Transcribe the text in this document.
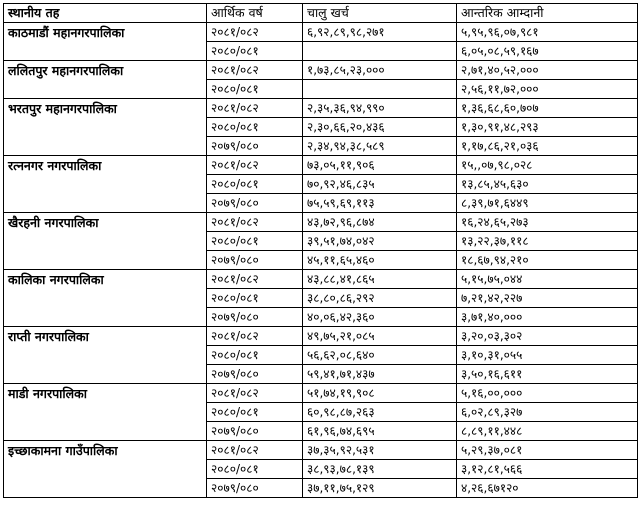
स्थानीय तह	आर्थिक वर्ष	चालु खर्च	आन्तरिक आम्दानी
काठमाडौं महानगरपालिका	२०८१/०८२	६,९२,८९,९८,२७१	५,९५,९६,०७,९८१
	२०८०/०८१		६,०५,०८,५९,१६७
ललितपुर महानगरपालिका	२०८१/०८२	१,७३,८५,२३,०००	२,७१,४०,५२,०००
	२०८०/०८१		२,५६,११,७२,०००
भरतपुर महानगरपालिका	२०८१/०८२	२,३५,३६,९४,९९०	१,३६,६८,६०,७०७
	२०८०/०८१	२,३०,६६,२०,४३६	१,३०,९१,४८,२९३
	२०७९/०८०	२,३४,९४,३८,५८९	१,१७,८६,२१,०३६
रत्ननगर नगरपालिका	२०८१/०८२	७३,०५,११,९०६	१५,,०७,९८,०२८
	२०८०/०८१	७०,९२,४६,८३५	१३,८५,४५,६३०
	२०७९/०८०	७५,५९,६९,११३	८,३९,७१,६४४९
खैरहनी नगरपालिका	२०८१/०८२	४३,७२,९६,८७४	१६,२४,६५,२७३
	२०८०/०८१	३९,५१,७४,०४२	१३,२२,३७,११८
	२०७९/०८०	४५,११,६५,४६०	१८,६७,९४,२१०
कालिका नगरपालिका	२०८१/०८२	४३,८८,४१,८६५	५,१५,७५,०४४
	२०८०/०८१	३८,८०,८६,२९२	७,२१,४२,२२७
	२०७९/०८०	४०,०६,४२,३६०	३,७१,४०,०००
राप्ती नगरपालिका	२०८१/०८२	४९,७५,२१,०८५	३,२०,०३,३०२
	२०८०/०८१	५६,६२,०८,६४०	३,१०,३१,०५५
	२०७९/०८०	५९,४१,७१,४३७	३,५०,१६,६११
माडी नगरपालिका	२०८१/०८२	५१,७४,१९,९०८	५,१६,००,०००
	२०८०/०८१	६०,९८,८७,२६३	६,०२,८९,३२७
	२०७९/०८०	६१,९६,७४,६९५	८,८९,११,४४८
इच्छाकामना गाउँपालिका	२०८१/०८२	३७,३५,९२,५३१	५,२९,३७,०८१
	२०८०/०८१	३८,९३,७८,१३९	३,१२,८१,५६६
	२०७९/०८०	३७,११,७५,१२९	४,२६,६७१२०
